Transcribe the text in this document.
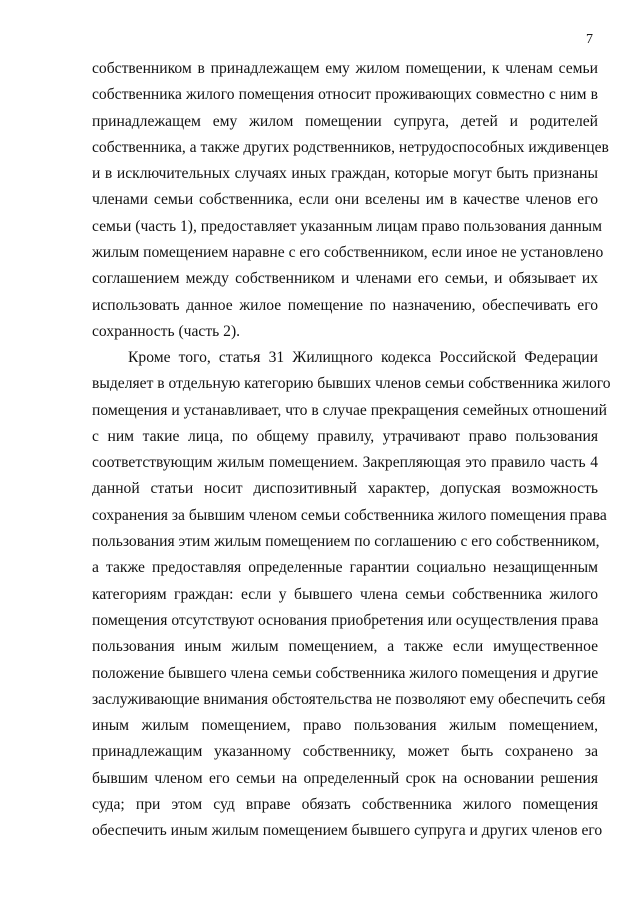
7
собственником в принадлежащем ему жилом помещении, к членам семьи
собственника жилого помещения относит проживающих совместно с ним в
принадлежащем ему жилом помещении супруга, детей и родителей
собственника, а также других родственников, нетрудоспособных иждивенцев
и в исключительных случаях иных граждан, которые могут быть признаны
членами семьи собственника, если они вселены им в качестве членов его
семьи (часть 1), предоставляет указанным лицам право пользования данным
жилым помещением наравне с его собственником, если иное не установлено
соглашением между собственником и членами его семьи, и обязывает их
использовать данное жилое помещение по назначению, обеспечивать его
сохранность (часть 2).
Кроме того, статья 31 Жилищного кодекса Российской Федерации
выделяет в отдельную категорию бывших членов семьи собственника жилого
помещения и устанавливает, что в случае прекращения семейных отношений
с ним такие лица, по общему правилу, утрачивают право пользования
соответствующим жилым помещением. Закрепляющая это правило часть 4
данной статьи носит диспозитивный характер, допуская возможность
сохранения за бывшим членом семьи собственника жилого помещения права
пользования этим жилым помещением по соглашению с его собственником,
а также предоставляя определенные гарантии социально незащищенным
категориям граждан: если у бывшего члена семьи собственника жилого
помещения отсутствуют основания приобретения или осуществления права
пользования иным жилым помещением, а также если имущественное
положение бывшего члена семьи собственника жилого помещения и другие
заслуживающие внимания обстоятельства не позволяют ему обеспечить себя
иным жилым помещением, право пользования жилым помещением,
принадлежащим указанному собственнику, может быть сохранено за
бывшим членом его семьи на определенный срок на основании решения
суда; при этом суд вправе обязать собственника жилого помещения
обеспечить иным жилым помещением бывшего супруга и других членов его
